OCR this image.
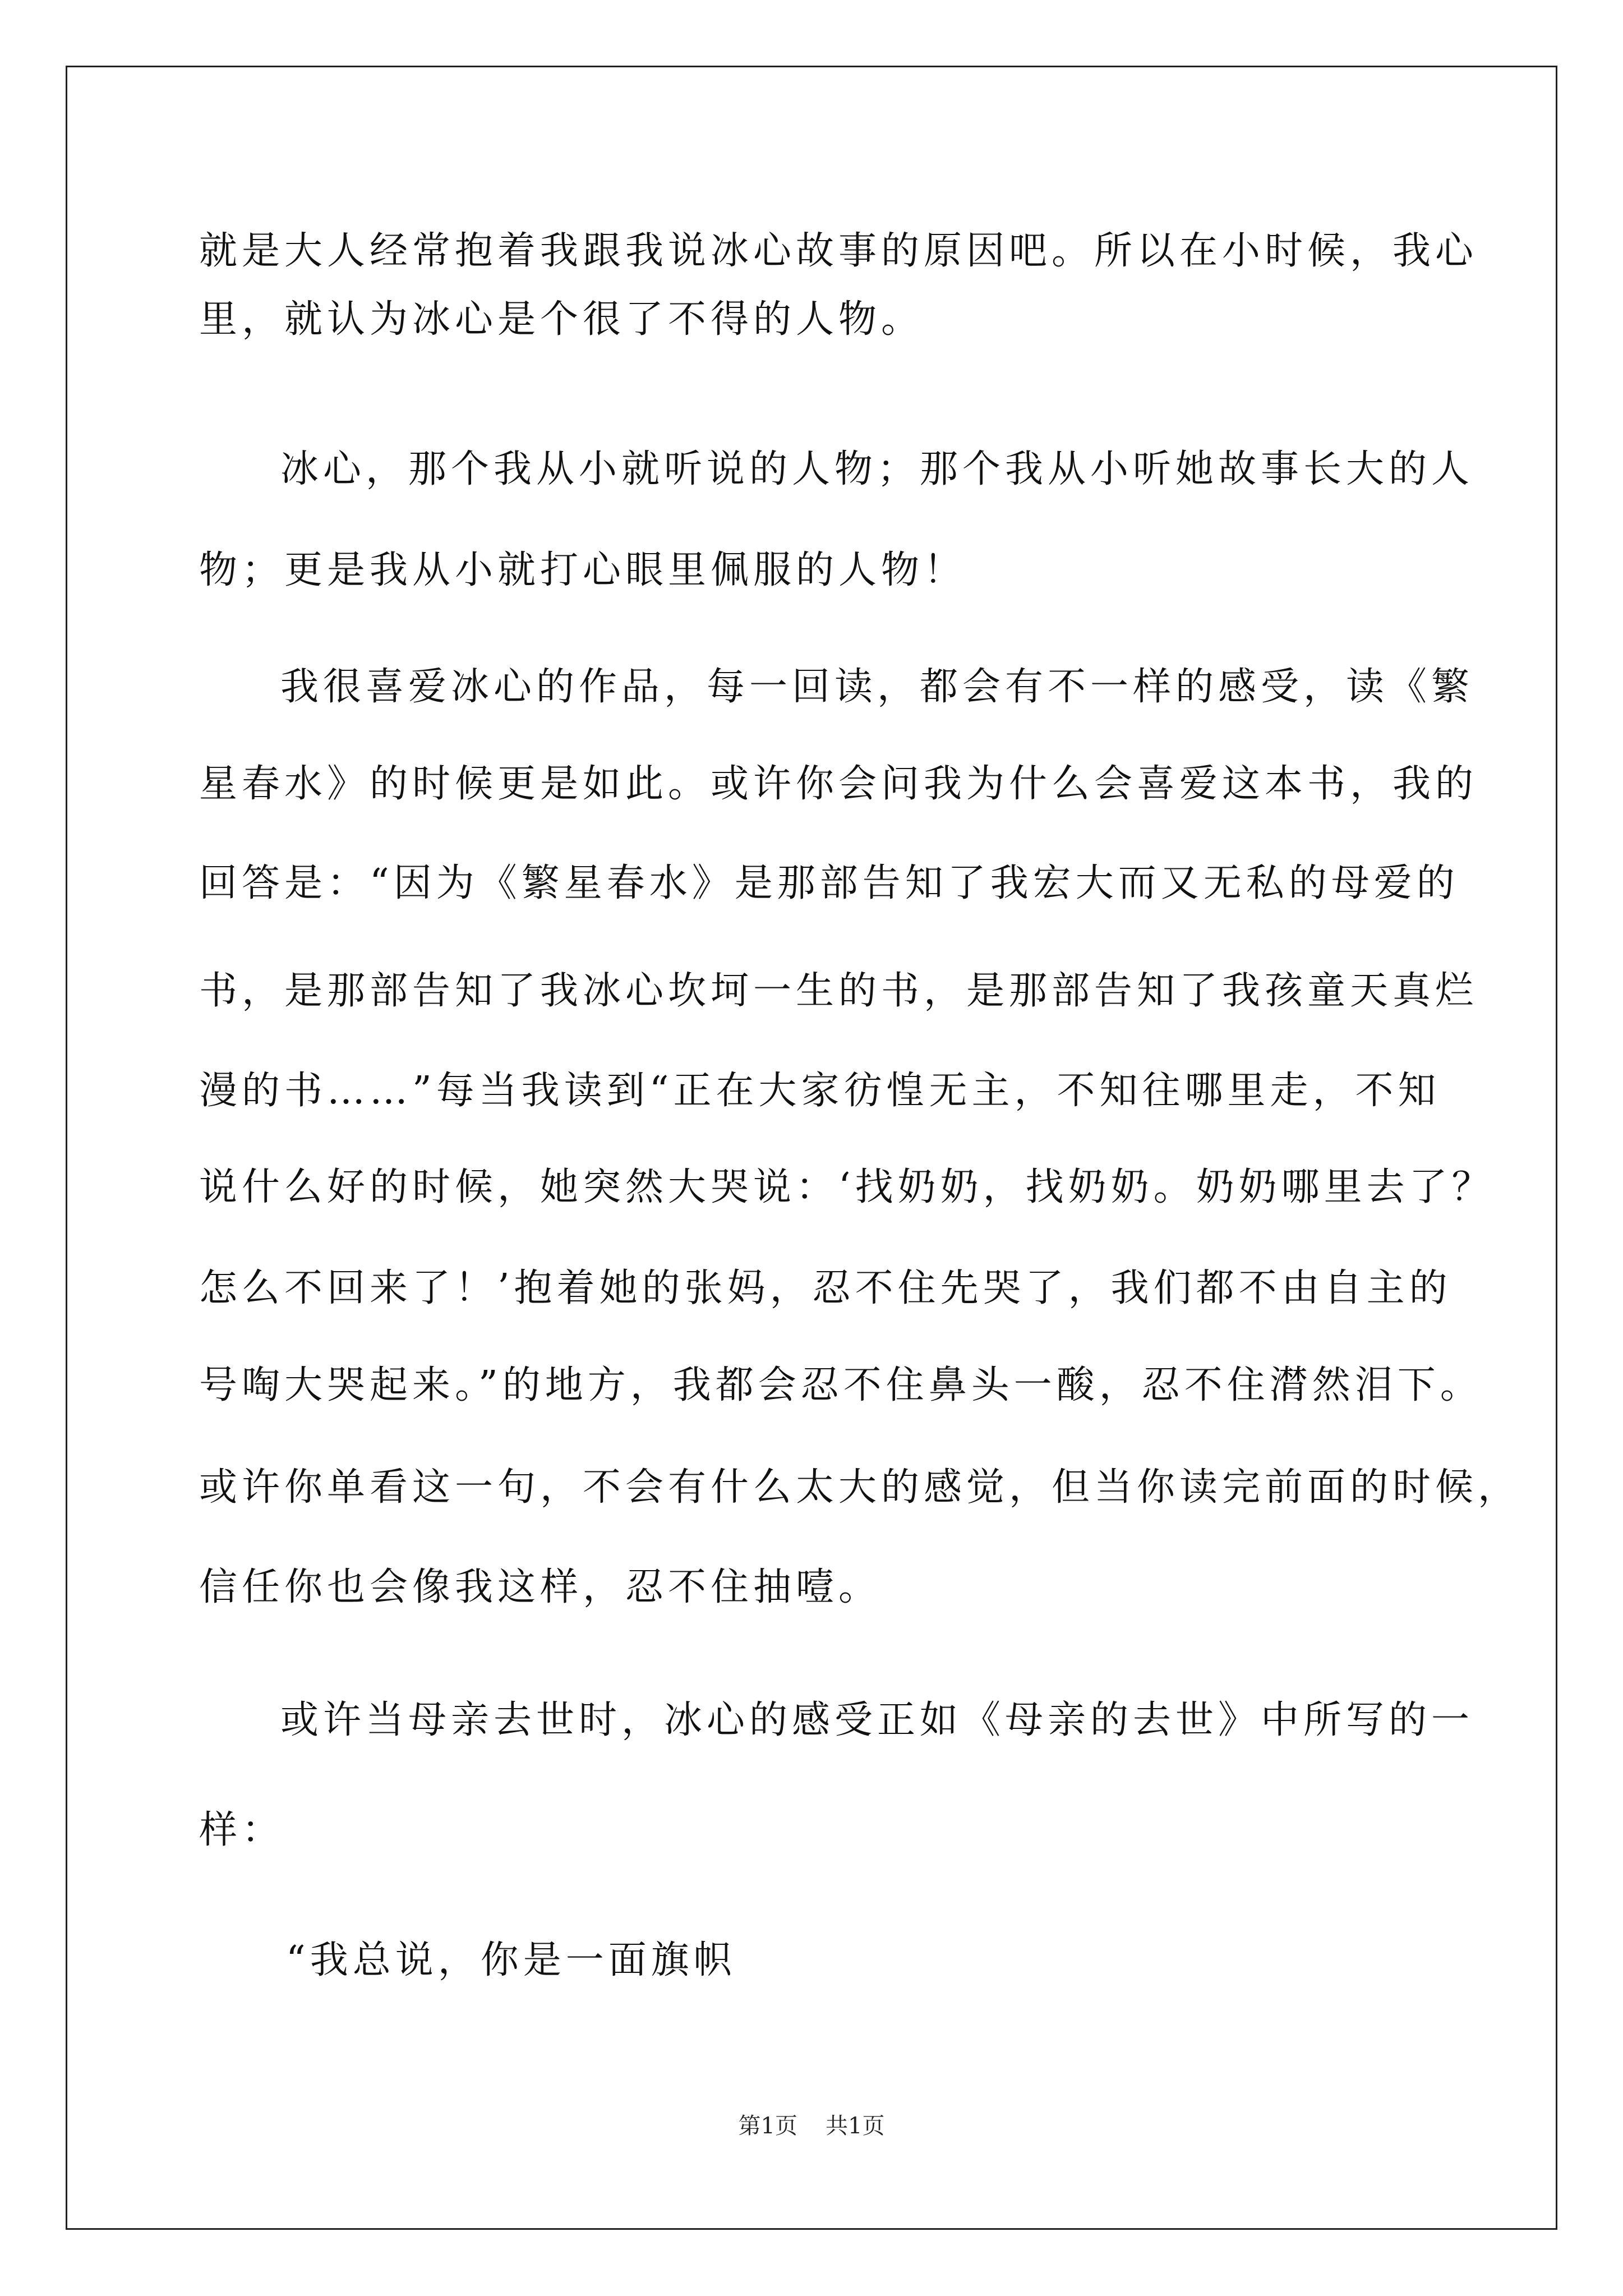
就是大人经常抱着我跟我说冰心故事的原因吧。所以在小时候，我心
里，就认为冰心是个很了不得的人物。
冰心，那个我从小就听说的人物；那个我从小听她故事长大的人
物；更是我从小就打心眼里佩服的人物！
我很喜爱冰心的作品，每一回读，都会有不一样的感受，读《繁
星春水》的时候更是如此。或许你会问我为什么会喜爱这本书，我的
回答是：“因为《繁星春水》是那部告知了我宏大而又无私的母爱的
书，是那部告知了我冰心坎坷一生的书，是那部告知了我孩童天真烂
漫的书……”每当我读到“正在大家彷惶无主，不知往哪里走，不知
说什么好的时候，她突然大哭说：‘找奶奶，找奶奶。奶奶哪里去了？
怎么不回来了！’抱着她的张妈，忍不住先哭了，我们都不由自主的
号啕大哭起来。”的地方，我都会忍不住鼻头一酸，忍不住潸然泪下。
或许你单看这一句，不会有什么太大的感觉，但当你读完前面的时候，
信任你也会像我这样，忍不住抽噎。
或许当母亲去世时，冰心的感受正如《母亲的去世》中所写的一
样：
“我总说，你是一面旗帜
第1页 共1页
